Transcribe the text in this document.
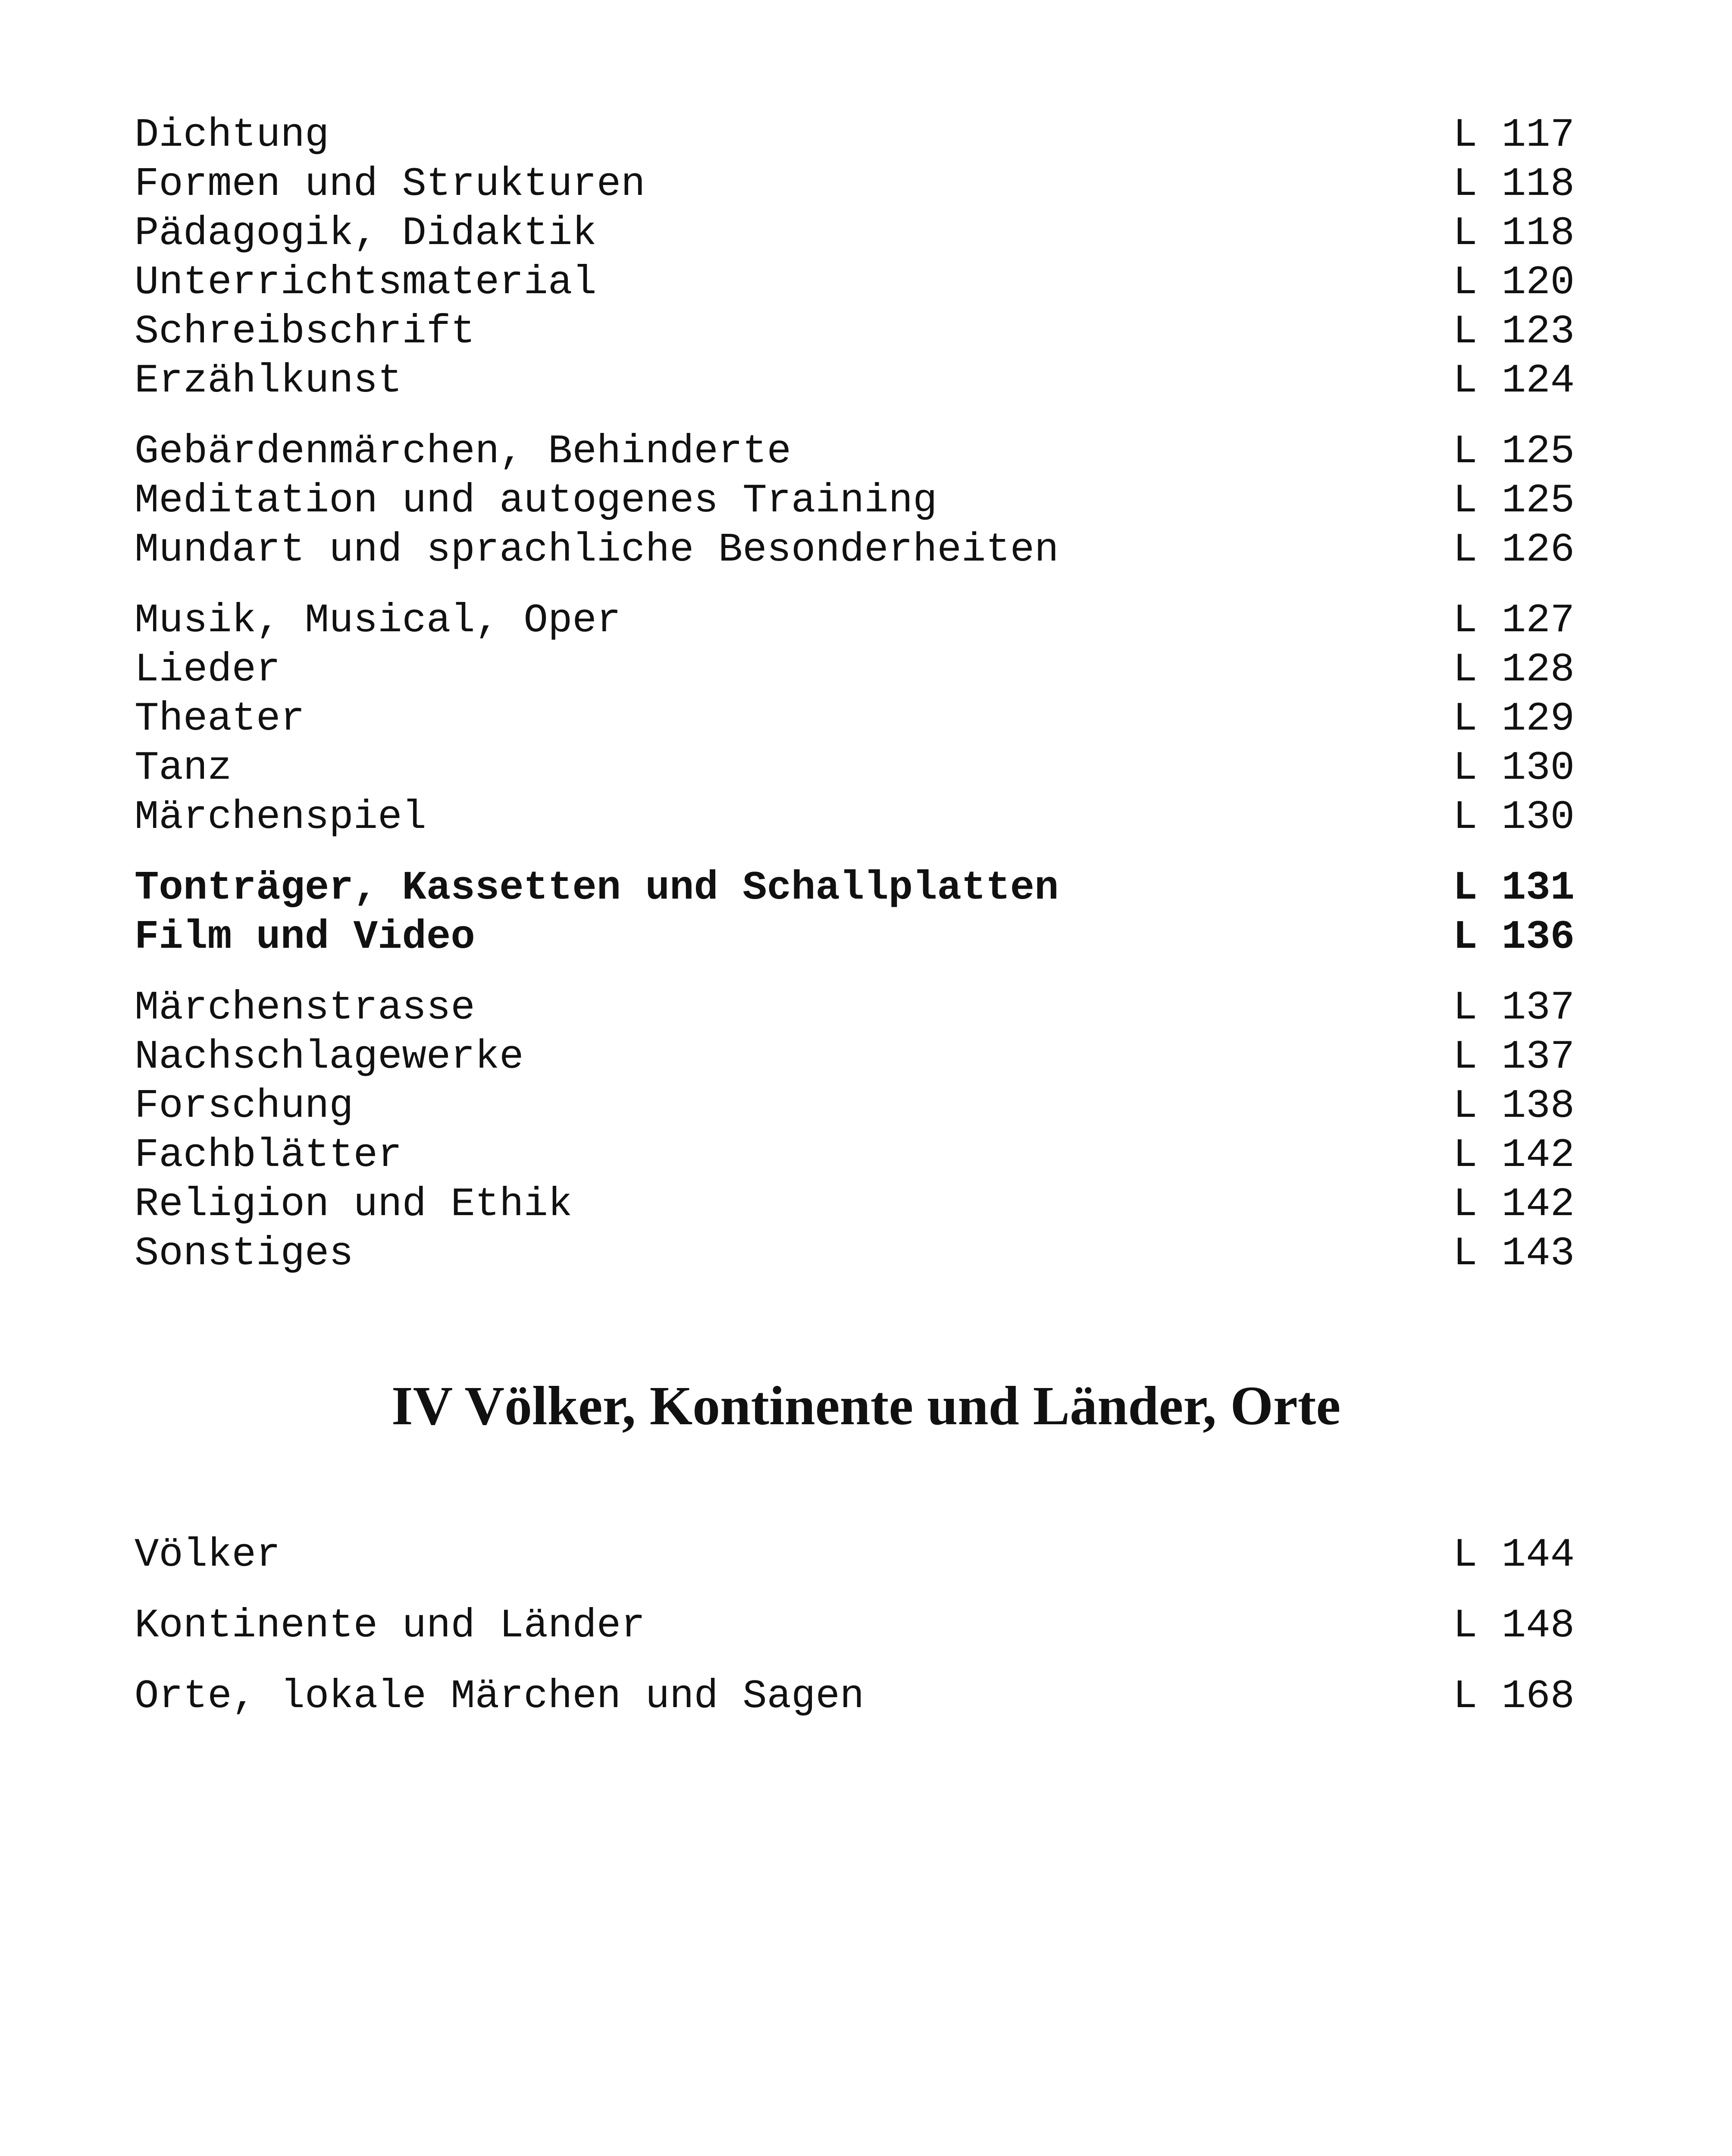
Dichtung	L 117
Formen und Strukturen	L 118
Pädagogik, Didaktik	L 118
Unterrichtsmaterial	L 120
Schreibschrift	L 123
Erzählkunst	L 124
Gebärdenmärchen, Behinderte	L 125
Meditation und autogenes Training	L 125
Mundart und sprachliche Besonderheiten	L 126
Musik, Musical, Oper	L 127
Lieder	L 128
Theater	L 129
Tanz	L 130
Märchenspiel	L 130
Tonträger, Kassetten und Schallplatten	L 131
Film und Video	L 136
Märchenstrasse	L 137
Nachschlagewerke	L 137
Forschung	L 138
Fachblätter	L 142
Religion und Ethik	L 142
Sonstiges	L 143
IV Völker, Kontinente und Länder, Orte
Völker	L 144
Kontinente und Länder	L 148
Orte, lokale Märchen und Sagen	L 168
